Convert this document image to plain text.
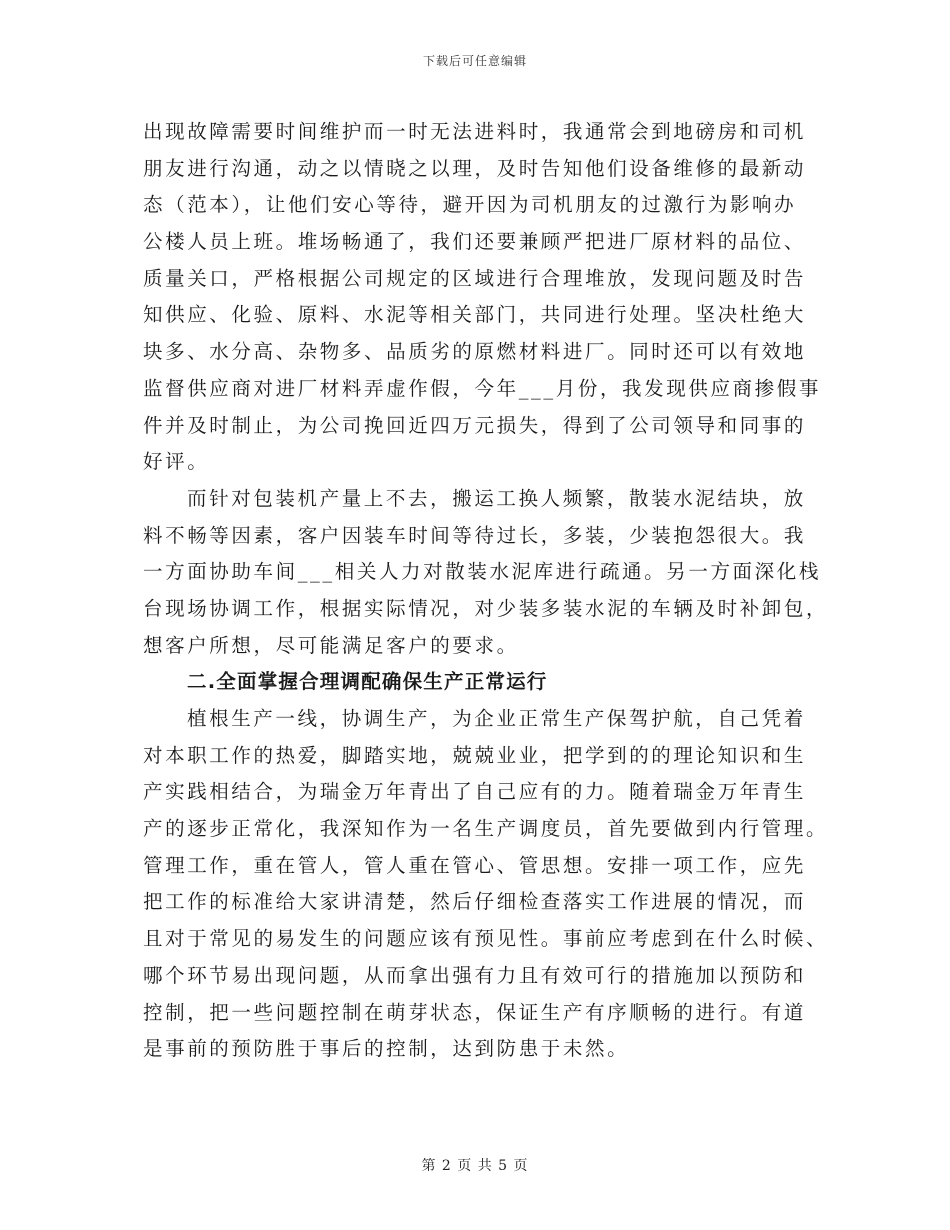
下载后可任意编辑
出现故障需要时间维护而一时无法进料时，我通常会到地磅房和司机
朋友进行沟通，动之以情晓之以理，及时告知他们设备维修的最新动
态（范本），让他们安心等待，避开因为司机朋友的过激行为影响办
公楼人员上班。堆场畅通了，我们还要兼顾严把进厂原材料的品位、
质量关口，严格根据公司规定的区域进行合理堆放，发现问题及时告
知供应、化验、原料、水泥等相关部门，共同进行处理。坚决杜绝大
块多、水分高、杂物多、品质劣的原燃材料进厂。同时还可以有效地
监督供应商对进厂材料弄虚作假，今年___月份，我发现供应商掺假事
件并及时制止，为公司挽回近四万元损失，得到了公司领导和同事的
好评。
而针对包装机产量上不去，搬运工换人频繁，散装水泥结块，放
料不畅等因素，客户因装车时间等待过长，多装，少装抱怨很大。我
一方面协助车间___相关人力对散装水泥库进行疏通。另一方面深化栈
台现场协调工作，根据实际情况，对少装多装水泥的车辆及时补卸包，
想客户所想，尽可能满足客户的要求。
二.全面掌握合理调配确保生产正常运行
植根生产一线，协调生产，为企业正常生产保驾护航，自己凭着
对本职工作的热爱，脚踏实地，兢兢业业，把学到的的理论知识和生
产实践相结合，为瑞金万年青出了自己应有的力。随着瑞金万年青生
产的逐步正常化，我深知作为一名生产调度员，首先要做到内行管理。
管理工作，重在管人，管人重在管心、管思想。安排一项工作，应先
把工作的标准给大家讲清楚，然后仔细检查落实工作进展的情况，而
且对于常见的易发生的问题应该有预见性。事前应考虑到在什么时候、
哪个环节易出现问题，从而拿出强有力且有效可行的措施加以预防和
控制，把一些问题控制在萌芽状态，保证生产有序顺畅的进行。有道
是事前的预防胜于事后的控制，达到防患于未然。
第 2 页 共 5 页
